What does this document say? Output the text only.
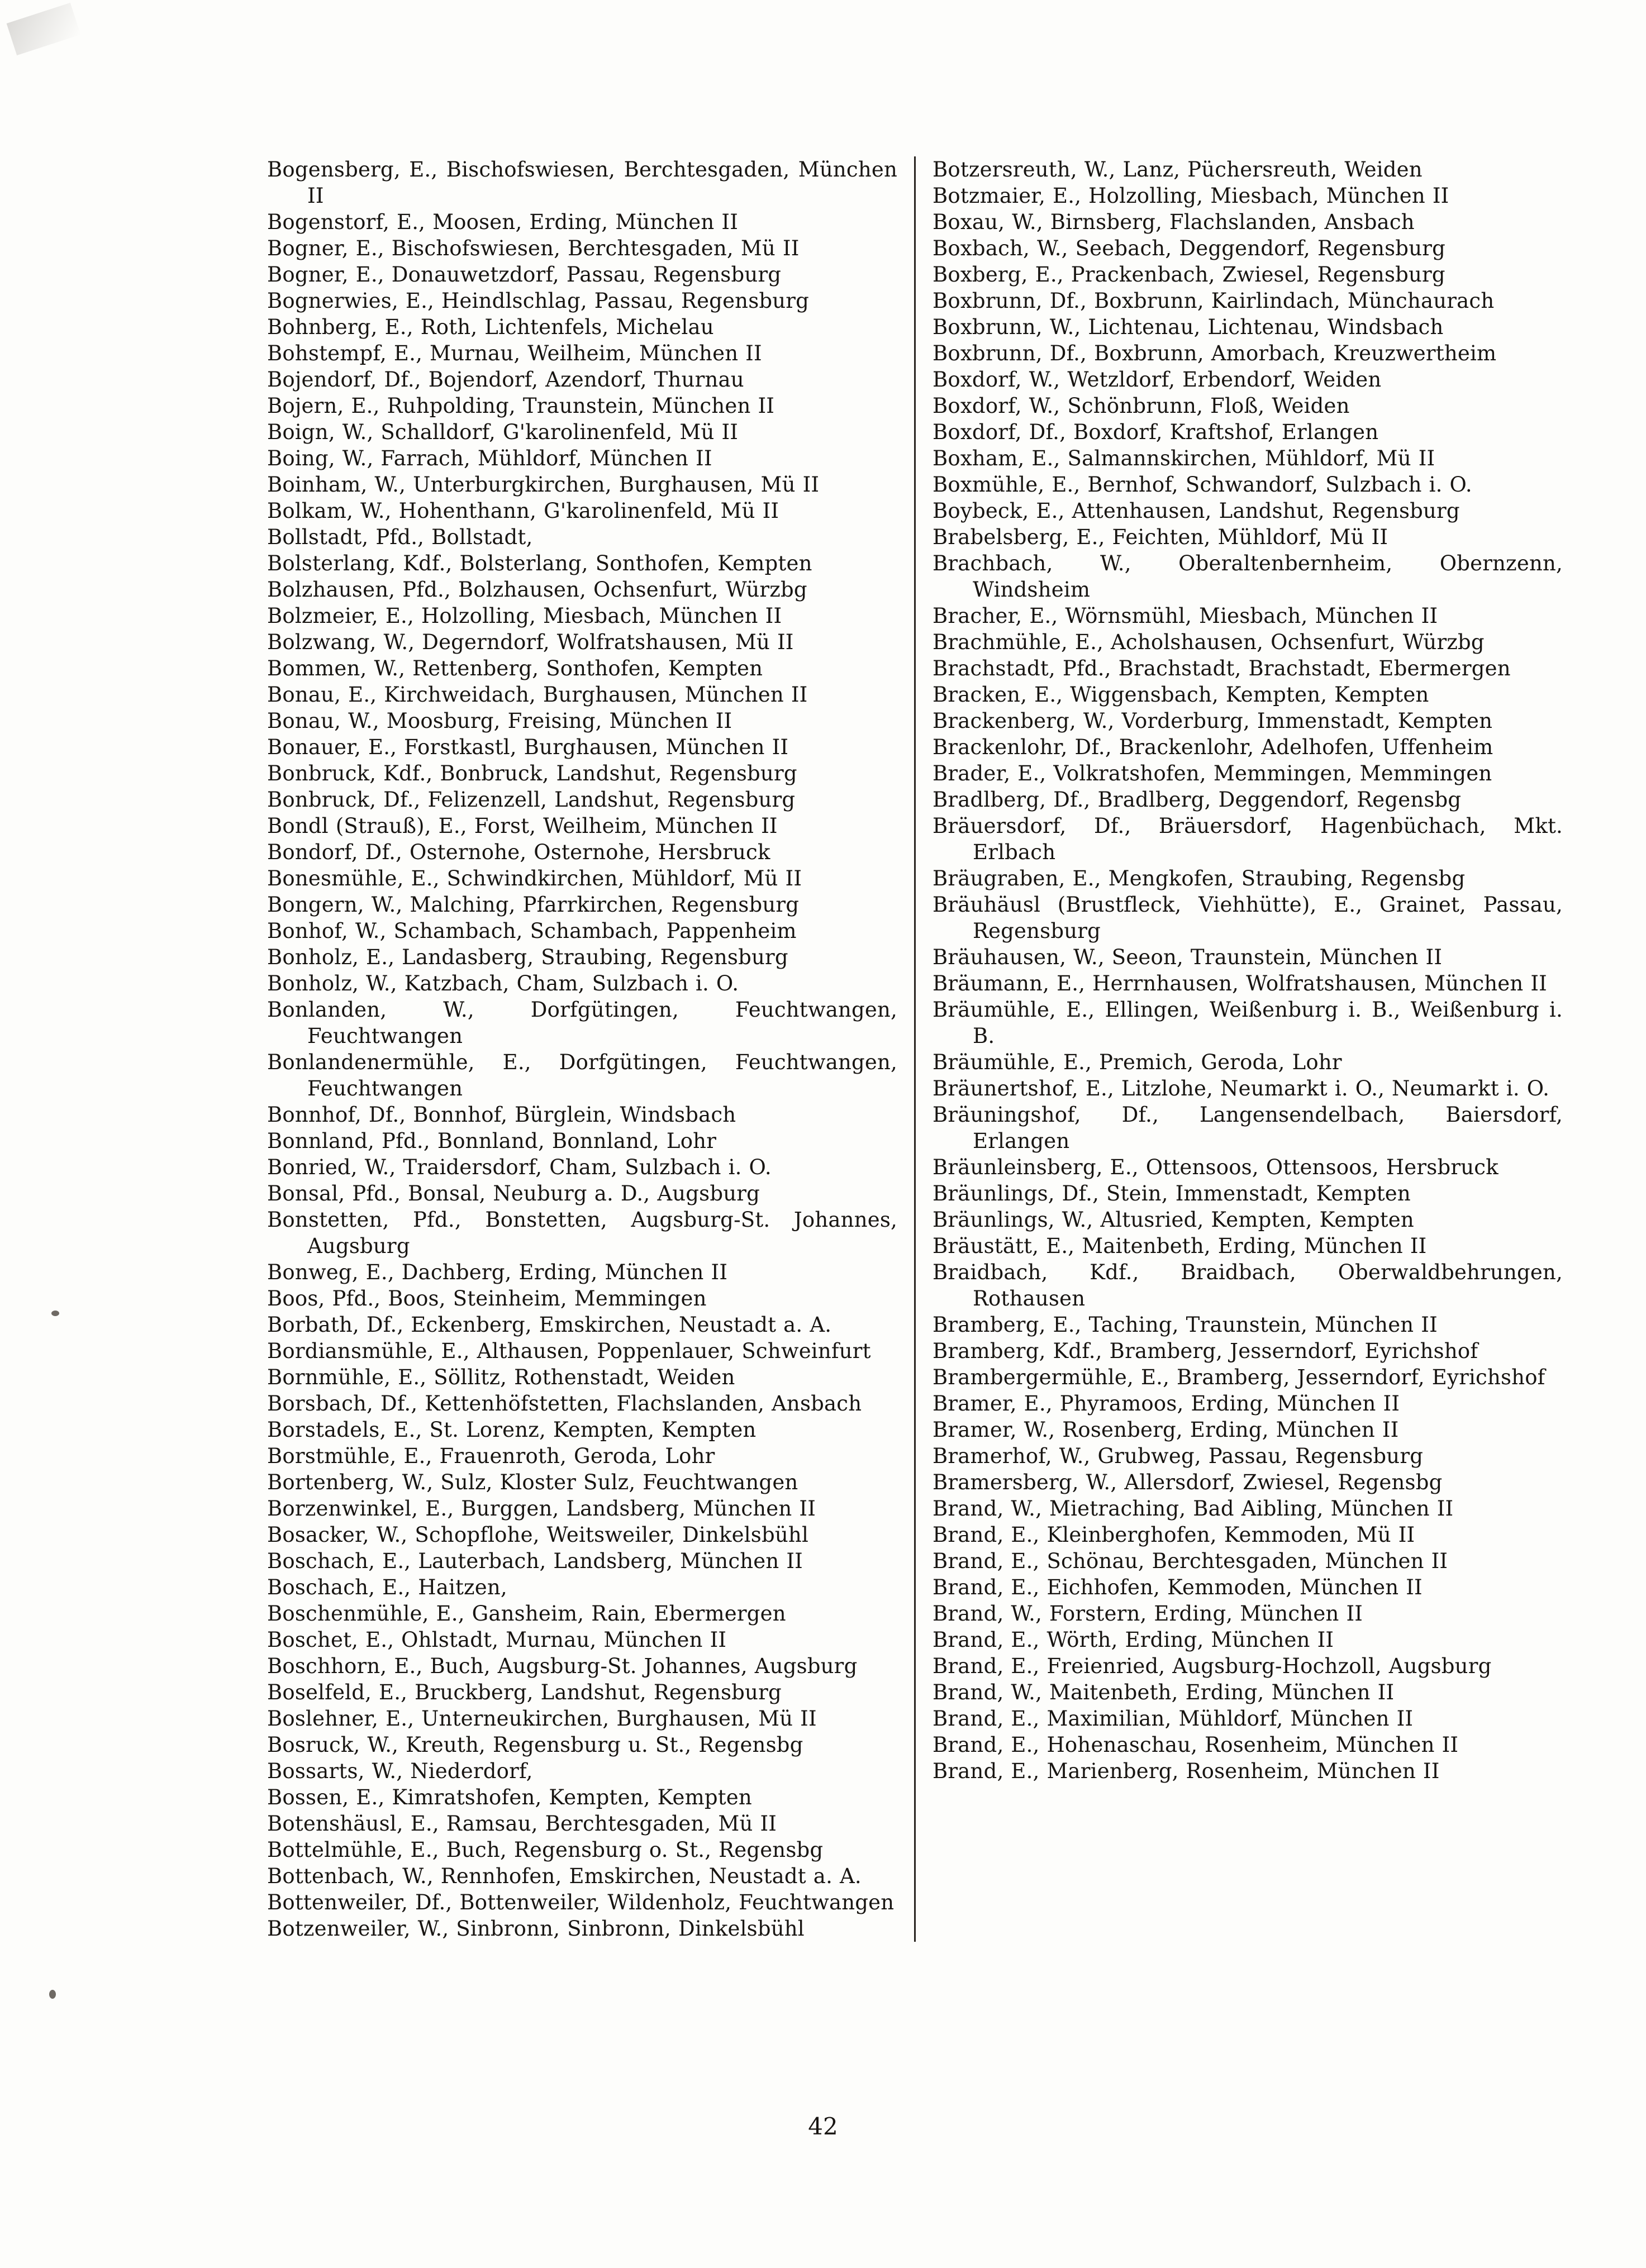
Bogensberg, E., Bischofswiesen, Berchtesgaden, München II
Bogenstorf, E., Moosen, Erding, München II
Bogner, E., Bischofswiesen, Berchtesgaden, Mü II
Bogner, E., Donauwetzdorf, Passau, Regensburg
Bognerwies, E., Heindlschlag, Passau, Regensburg
Bohnberg, E., Roth, Lichtenfels, Michelau
Bohstempf, E., Murnau, Weilheim, München II
Bojendorf, Df., Bojendorf, Azendorf, Thurnau
Bojern, E., Ruhpolding, Traunstein, München II
Boign, W., Schalldorf, G'karolinenfeld, Mü II
Boing, W., Farrach, Mühldorf, München II
Boinham, W., Unterburgkirchen, Burghausen, Mü II
Bolkam, W., Hohenthann, G'karolinenfeld, Mü II
Bollstadt, Pfd., Bollstadt,
Bolsterlang, Kdf., Bolsterlang, Sonthofen, Kempten
Bolzhausen, Pfd., Bolzhausen, Ochsenfurt, Würzbg
Bolzmeier, E., Holzolling, Miesbach, München II
Bolzwang, W., Degerndorf, Wolfratshausen, Mü II
Bommen, W., Rettenberg, Sonthofen, Kempten
Bonau, E., Kirchweidach, Burghausen, München II
Bonau, W., Moosburg, Freising, München II
Bonauer, E., Forstkastl, Burghausen, München II
Bonbruck, Kdf., Bonbruck, Landshut, Regensburg
Bonbruck, Df., Felizenzell, Landshut, Regensburg
Bondl (Strauß), E., Forst, Weilheim, München II
Bondorf, Df., Osternohe, Osternohe, Hersbruck
Bonesmühle, E., Schwindkirchen, Mühldorf, Mü II
Bongern, W., Malching, Pfarrkirchen, Regensburg
Bonhof, W., Schambach, Schambach, Pappenheim
Bonholz, E., Landasberg, Straubing, Regensburg
Bonholz, W., Katzbach, Cham, Sulzbach i. O.
Bonlanden, W., Dorfgütingen, Feuchtwangen, Feuchtwangen
Bonlandenermühle, E., Dorfgütingen, Feuchtwangen, Feuchtwangen
Bonnhof, Df., Bonnhof, Bürglein, Windsbach
Bonnland, Pfd., Bonnland, Bonnland, Lohr
Bonried, W., Traidersdorf, Cham, Sulzbach i. O.
Bonsal, Pfd., Bonsal, Neuburg a. D., Augsburg
Bonstetten, Pfd., Bonstetten, Augsburg-St. Johannes, Augsburg
Bonweg, E., Dachberg, Erding, München II
Boos, Pfd., Boos, Steinheim, Memmingen
Borbath, Df., Eckenberg, Emskirchen, Neustadt a. A.
Bordiansmühle, E., Althausen, Poppenlauer, Schweinfurt
Bornmühle, E., Söllitz, Rothenstadt, Weiden
Borsbach, Df., Kettenhöfstetten, Flachslanden, Ansbach
Borstadels, E., St. Lorenz, Kempten, Kempten
Borstmühle, E., Frauenroth, Geroda, Lohr
Bortenberg, W., Sulz, Kloster Sulz, Feuchtwangen
Borzenwinkel, E., Burggen, Landsberg, München II
Bosacker, W., Schopflohe, Weitsweiler, Dinkelsbühl
Boschach, E., Lauterbach, Landsberg, München II
Boschach, E., Haitzen,
Boschenmühle, E., Gansheim, Rain, Ebermergen
Boschet, E., Ohlstadt, Murnau, München II
Boschhorn, E., Buch, Augsburg-St. Johannes, Augsburg
Boselfeld, E., Bruckberg, Landshut, Regensburg
Boslehner, E., Unterneukirchen, Burghausen, Mü II
Bosruck, W., Kreuth, Regensburg u. St., Regensbg
Bossarts, W., Niederdorf,
Bossen, E., Kimratshofen, Kempten, Kempten
Botenshäusl, E., Ramsau, Berchtesgaden, Mü II
Bottelmühle, E., Buch, Regensburg o. St., Regensbg
Bottenbach, W., Rennhofen, Emskirchen, Neustadt a. A.
Bottenweiler, Df., Bottenweiler, Wildenholz, Feuchtwangen
Botzenweiler, W., Sinbronn, Sinbronn, Dinkelsbühl
Botzersreuth, W., Lanz, Püchersreuth, Weiden
Botzmaier, E., Holzolling, Miesbach, München II
Boxau, W., Birnsberg, Flachslanden, Ansbach
Boxbach, W., Seebach, Deggendorf, Regensburg
Boxberg, E., Prackenbach, Zwiesel, Regensburg
Boxbrunn, Df., Boxbrunn, Kairlindach, Münchaurach
Boxbrunn, W., Lichtenau, Lichtenau, Windsbach
Boxbrunn, Df., Boxbrunn, Amorbach, Kreuzwertheim
Boxdorf, W., Wetzldorf, Erbendorf, Weiden
Boxdorf, W., Schönbrunn, Floß, Weiden
Boxdorf, Df., Boxdorf, Kraftshof, Erlangen
Boxham, E., Salmannskirchen, Mühldorf, Mü II
Boxmühle, E., Bernhof, Schwandorf, Sulzbach i. O.
Boybeck, E., Attenhausen, Landshut, Regensburg
Brabelsberg, E., Feichten, Mühldorf, Mü II
Brachbach, W., Oberaltenbernheim, Obernzenn, Windsheim
Bracher, E., Wörnsmühl, Miesbach, München II
Brachmühle, E., Acholshausen, Ochsenfurt, Würzbg
Brachstadt, Pfd., Brachstadt, Brachstadt, Ebermergen
Bracken, E., Wiggensbach, Kempten, Kempten
Brackenberg, W., Vorderburg, Immenstadt, Kempten
Brackenlohr, Df., Brackenlohr, Adelhofen, Uffenheim
Brader, E., Volkratshofen, Memmingen, Memmingen
Bradlberg, Df., Bradlberg, Deggendorf, Regensbg
Bräuersdorf, Df., Bräuersdorf, Hagenbüchach, Mkt. Erlbach
Bräugraben, E., Mengkofen, Straubing, Regensbg
Bräuhäusl (Brustfleck, Viehhütte), E., Grainet, Passau, Regensburg
Bräuhausen, W., Seeon, Traunstein, München II
Bräumann, E., Herrnhausen, Wolfratshausen, München II
Bräumühle, E., Ellingen, Weißenburg i. B., Weißenburg i. B.
Bräumühle, E., Premich, Geroda, Lohr
Bräunertshof, E., Litzlohe, Neumarkt i. O., Neumarkt i. O.
Bräuningshof, Df., Langensendelbach, Baiersdorf, Erlangen
Bräunleinsberg, E., Ottensoos, Ottensoos, Hersbruck
Bräunlings, Df., Stein, Immenstadt, Kempten
Bräunlings, W., Altusried, Kempten, Kempten
Bräustätt, E., Maitenbeth, Erding, München II
Braidbach, Kdf., Braidbach, Oberwaldbehrungen, Rothausen
Bramberg, E., Taching, Traunstein, München II
Bramberg, Kdf., Bramberg, Jesserndorf, Eyrichshof
Brambergermühle, E., Bramberg, Jesserndorf, Eyrichshof
Bramer, E., Phyramoos, Erding, München II
Bramer, W., Rosenberg, Erding, München II
Bramerhof, W., Grubweg, Passau, Regensburg
Bramersberg, W., Allersdorf, Zwiesel, Regensbg
Brand, W., Mietraching, Bad Aibling, München II
Brand, E., Kleinberghofen, Kemmoden, Mü II
Brand, E., Schönau, Berchtesgaden, München II
Brand, E., Eichhofen, Kemmoden, München II
Brand, W., Forstern, Erding, München II
Brand, E., Wörth, Erding, München II
Brand, E., Freienried, Augsburg-Hochzoll, Augsburg
Brand, W., Maitenbeth, Erding, München II
Brand, E., Maximilian, Mühldorf, München II
Brand, E., Hohenaschau, Rosenheim, München II
Brand, E., Marienberg, Rosenheim, München II
42
